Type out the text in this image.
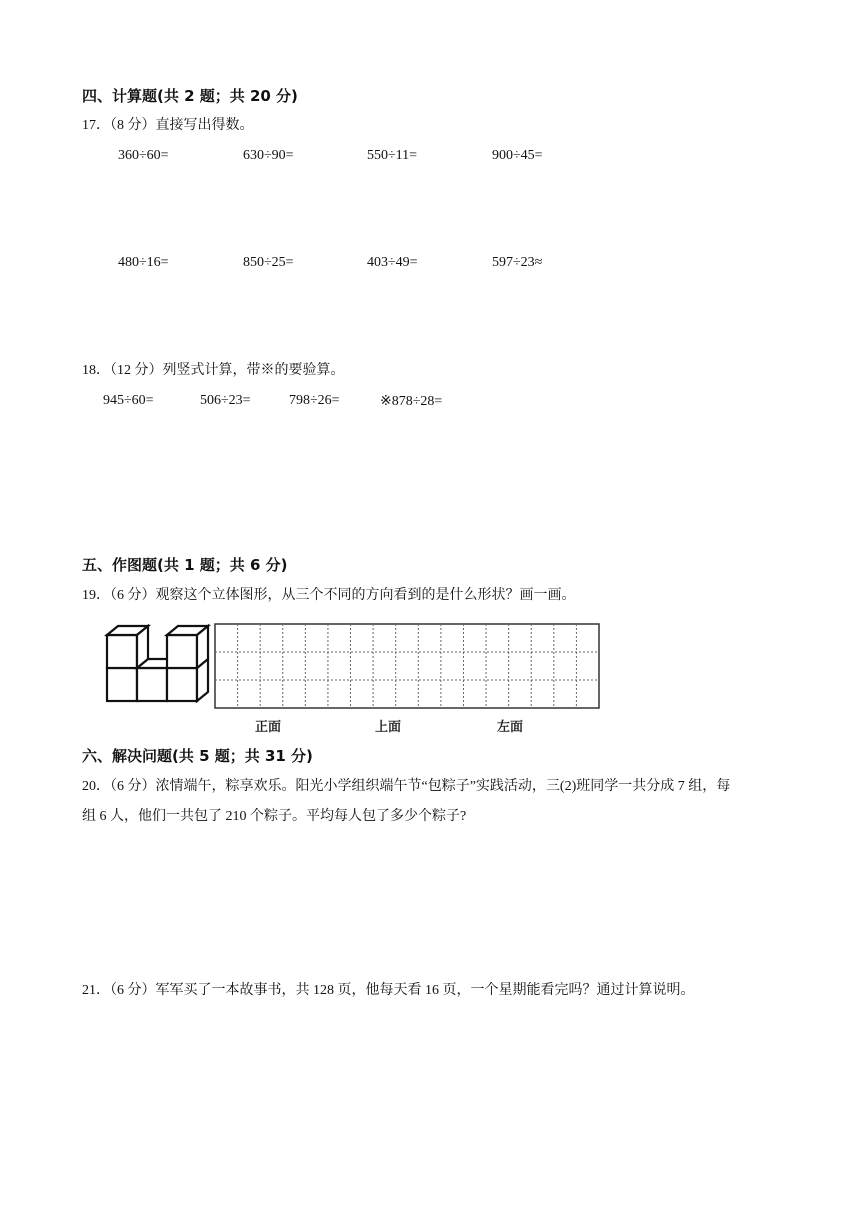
四、计算题(共 2 题；共 20 分)
17．（8 分）直接写出得数。
360÷60=	630÷90=	550÷11=	900÷45=
480÷16=	850÷25=	403÷49=	597÷23≈
18．（12 分）列竖式计算，带※的要验算。
945÷60=	506÷23=	798÷26=	※878÷28=
五、作图题(共 1 题；共 6 分)
19．（6 分）观察这个立体图形，从三个不同的方向看到的是什么形状？画一画。
正面	上面	左面
六、解决问题(共 5 题；共 31 分)
20．（6 分）浓情端午，粽享欢乐。阳光小学组织端午节“包粽子”实践活动，三(2)班同学一共分成 7 组，每
组 6 人，他们一共包了 210 个粽子。平均每人包了多少个粽子?
21．（6 分）军军买了一本故事书，共 128 页，他每天看 16 页，一个星期能看完吗？通过计算说明。
